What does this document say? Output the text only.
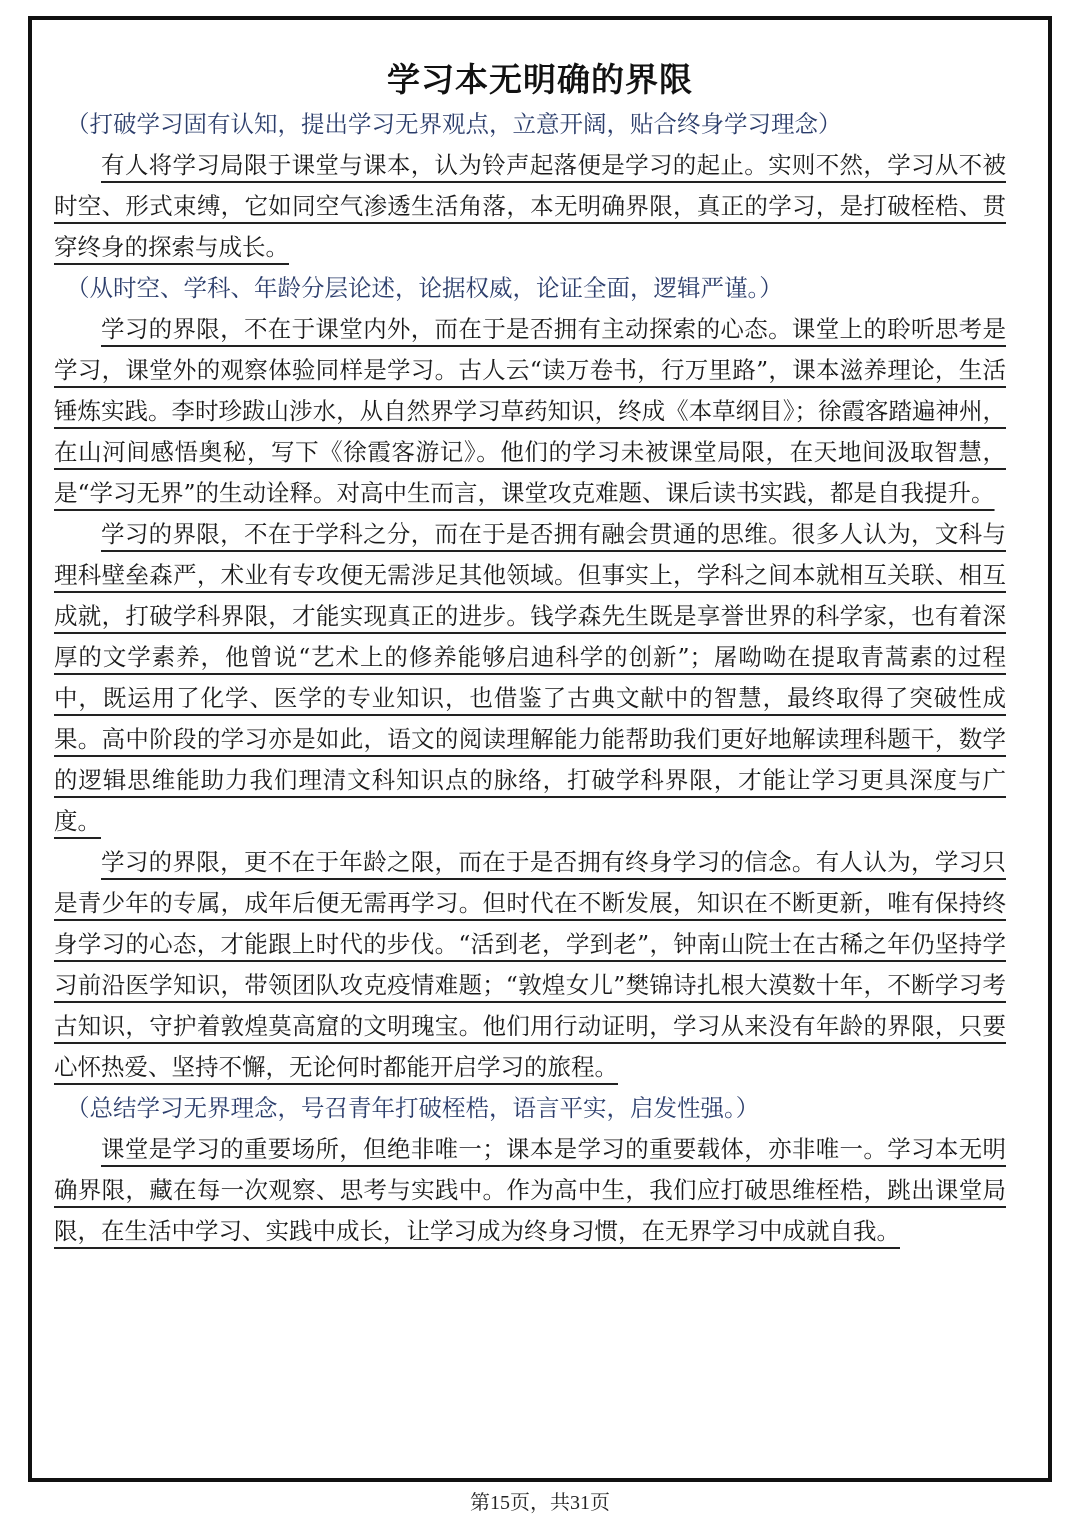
学习本无明确的界限

（打破学习固有认知，提出学习无界观点，立意开阔，贴合终身学习理念）

有人将学习局限于课堂与课本，认为铃声起落便是学习的起止。实则不然，学习从不被时空、形式束缚，它如同空气渗透生活角落，本无明确界限，真正的学习，是打破桎梏、贯穿终身的探索与成长。

（从时空、学科、年龄分层论述，论据权威，论证全面，逻辑严谨。）

学习的界限，不在于课堂内外，而在于是否拥有主动探索的心态。课堂上的聆听思考是学习，课堂外的观察体验同样是学习。古人云“读万卷书，行万里路”，课本滋养理论，生活锤炼实践。李时珍跋山涉水，从自然界学习草药知识，终成《本草纲目》；徐霞客踏遍神州，在山河间感悟奥秘，写下《徐霞客游记》。他们的学习未被课堂局限，在天地间汲取智慧，是“学习无界”的生动诠释。对高中生而言，课堂攻克难题、课后读书实践，都是自我提升。

学习的界限，不在于学科之分，而在于是否拥有融会贯通的思维。很多人认为，文科与理科壁垒森严，术业有专攻便无需涉足其他领域。但事实上，学科之间本就相互关联、相互成就，打破学科界限，才能实现真正的进步。钱学森先生既是享誉世界的科学家，也有着深厚的文学素养，他曾说“艺术上的修养能够启迪科学的创新”；屠呦呦在提取青蒿素的过程中，既运用了化学、医学的专业知识，也借鉴了古典文献中的智慧，最终取得了突破性成果。高中阶段的学习亦是如此，语文的阅读理解能力能帮助我们更好地解读理科题干，数学的逻辑思维能助力我们理清文科知识点的脉络，打破学科界限，才能让学习更具深度与广度。

学习的界限，更不在于年龄之限，而在于是否拥有终身学习的信念。有人认为，学习只是青少年的专属，成年后便无需再学习。但时代在不断发展，知识在不断更新，唯有保持终身学习的心态，才能跟上时代的步伐。“活到老，学到老”，钟南山院士在古稀之年仍坚持学习前沿医学知识，带领团队攻克疫情难题；“敦煌女儿”樊锦诗扎根大漠数十年，不断学习考古知识，守护着敦煌莫高窟的文明瑰宝。他们用行动证明，学习从来没有年龄的界限，只要心怀热爱、坚持不懈，无论何时都能开启学习的旅程。

（总结学习无界理念，号召青年打破桎梏，语言平实，启发性强。）

课堂是学习的重要场所，但绝非唯一；课本是学习的重要载体，亦非唯一。学习本无明确界限，藏在每一次观察、思考与实践中。作为高中生，我们应打破思维桎梏，跳出课堂局限，在生活中学习、实践中成长，让学习成为终身习惯，在无界学习中成就自我。

第15页，共31页
